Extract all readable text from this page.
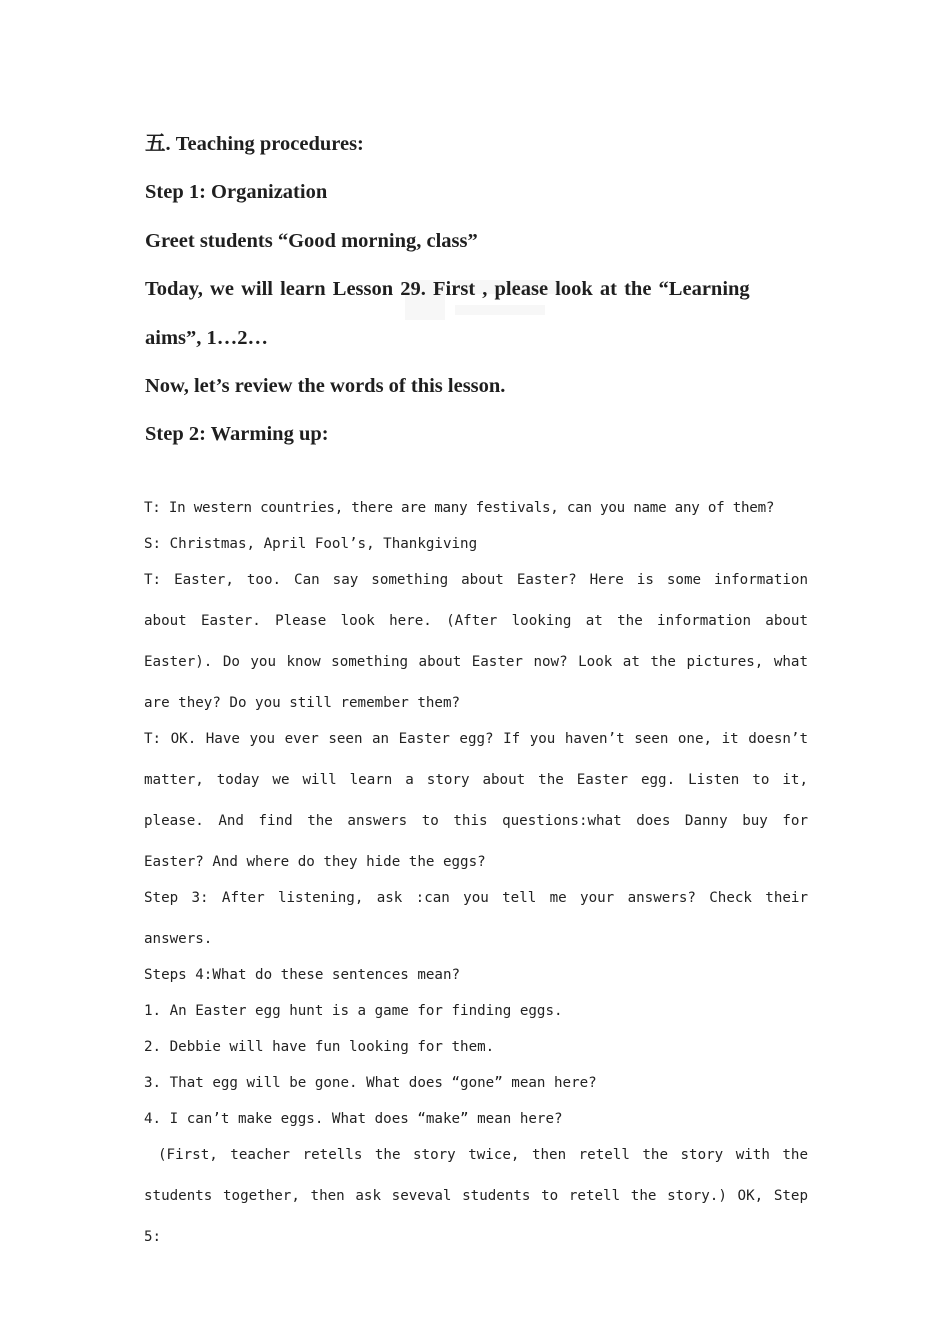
五. Teaching procedures:
Step 1: Organization
Greet students “Good morning, class”
Today, we will learn Lesson 29. First , please look at the “Learning
aims”, 1…2…
Now, let’s review the words of this lesson.
Step 2: Warming up:
T: In western countries, there are many festivals, can you name any of them?
S: Christmas, April Fool’s, Thankgiving
T: Easter, too. Can say something about Easter? Here is some information about Easter. Please look here. (After looking at the information about Easter). Do you know something about Easter now? Look at the pictures, what are they? Do you still remember them?
T: OK. Have you ever seen an Easter egg? If you haven’t seen one, it doesn’t matter, today we will learn a story about the Easter egg. Listen to it, please. And find the answers to this questions:what does Danny buy for Easter? And where do they hide the eggs?
Step 3: After listening, ask :can you tell me your answers? Check their answers.
Steps 4:What do these sentences mean?
1. An Easter egg hunt is a game for finding eggs.
2. Debbie will have fun looking for them.
3. That egg will be gone. What does “gone” mean here?
4. I can’t make eggs. What does “make” mean here?
(First, teacher retells the story twice, then retell the story with the students together, then ask seveval students to retell the story.) OK, Step 5:
